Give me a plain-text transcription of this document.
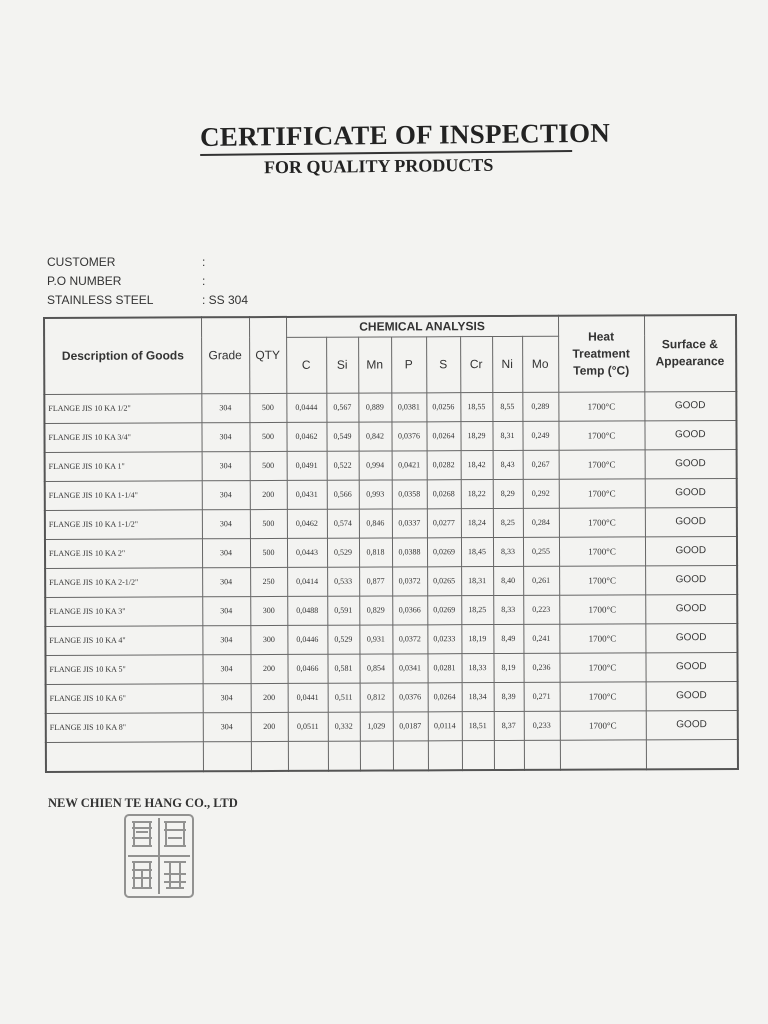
CERTIFICATE OF INSPECTION
FOR QUALITY PRODUCTS
CUSTOMER	:
P.O NUMBER	:
STAINLESS STEEL	: SS 304
Description of Goods	Grade	QTY	CHEMICAL ANALYSIS								Heat Treatment Temp (°C)	Surface & Appearance
			C	Si	Mn	P	S	Cr	Ni	Mo		
FLANGE JIS 10 KA 1/2"	304	500	0,0444	0,567	0,889	0,0381	0,0256	18,55	8,55	0,289	1700°C	GOOD
FLANGE JIS 10 KA 3/4"	304	500	0,0462	0,549	0,842	0,0376	0,0264	18,29	8,31	0,249	1700°C	GOOD
FLANGE JIS 10 KA 1"	304	500	0,0491	0,522	0,994	0,0421	0,0282	18,42	8,43	0,267	1700°C	GOOD
FLANGE JIS 10 KA 1-1/4"	304	200	0,0431	0,566	0,993	0,0358	0,0268	18,22	8,29	0,292	1700°C	GOOD
FLANGE JIS 10 KA 1-1/2"	304	500	0,0462	0,574	0,846	0,0337	0,0277	18,24	8,25	0,284	1700°C	GOOD
FLANGE JIS 10 KA 2"	304	500	0,0443	0,529	0,818	0,0388	0,0269	18,45	8,33	0,255	1700°C	GOOD
FLANGE JIS 10 KA 2-1/2"	304	250	0,0414	0,533	0,877	0,0372	0,0265	18,31	8,40	0,261	1700°C	GOOD
FLANGE JIS 10 KA 3"	304	300	0,0488	0,591	0,829	0,0366	0,0269	18,25	8,33	0,223	1700°C	GOOD
FLANGE JIS 10 KA 4"	304	300	0,0446	0,529	0,931	0,0372	0,0233	18,19	8,49	0,241	1700°C	GOOD
FLANGE JIS 10 KA 5"	304	200	0,0466	0,581	0,854	0,0341	0,0281	18,33	8,19	0,236	1700°C	GOOD
FLANGE JIS 10 KA 6"	304	200	0,0441	0,511	0,812	0,0376	0,0264	18,34	8,39	0,271	1700°C	GOOD
FLANGE JIS 10 KA 8"	304	200	0,0511	0,332	1,029	0,0187	0,0114	18,51	8,37	0,233	1700°C	GOOD

NEW CHIEN TE HANG CO., LTD
